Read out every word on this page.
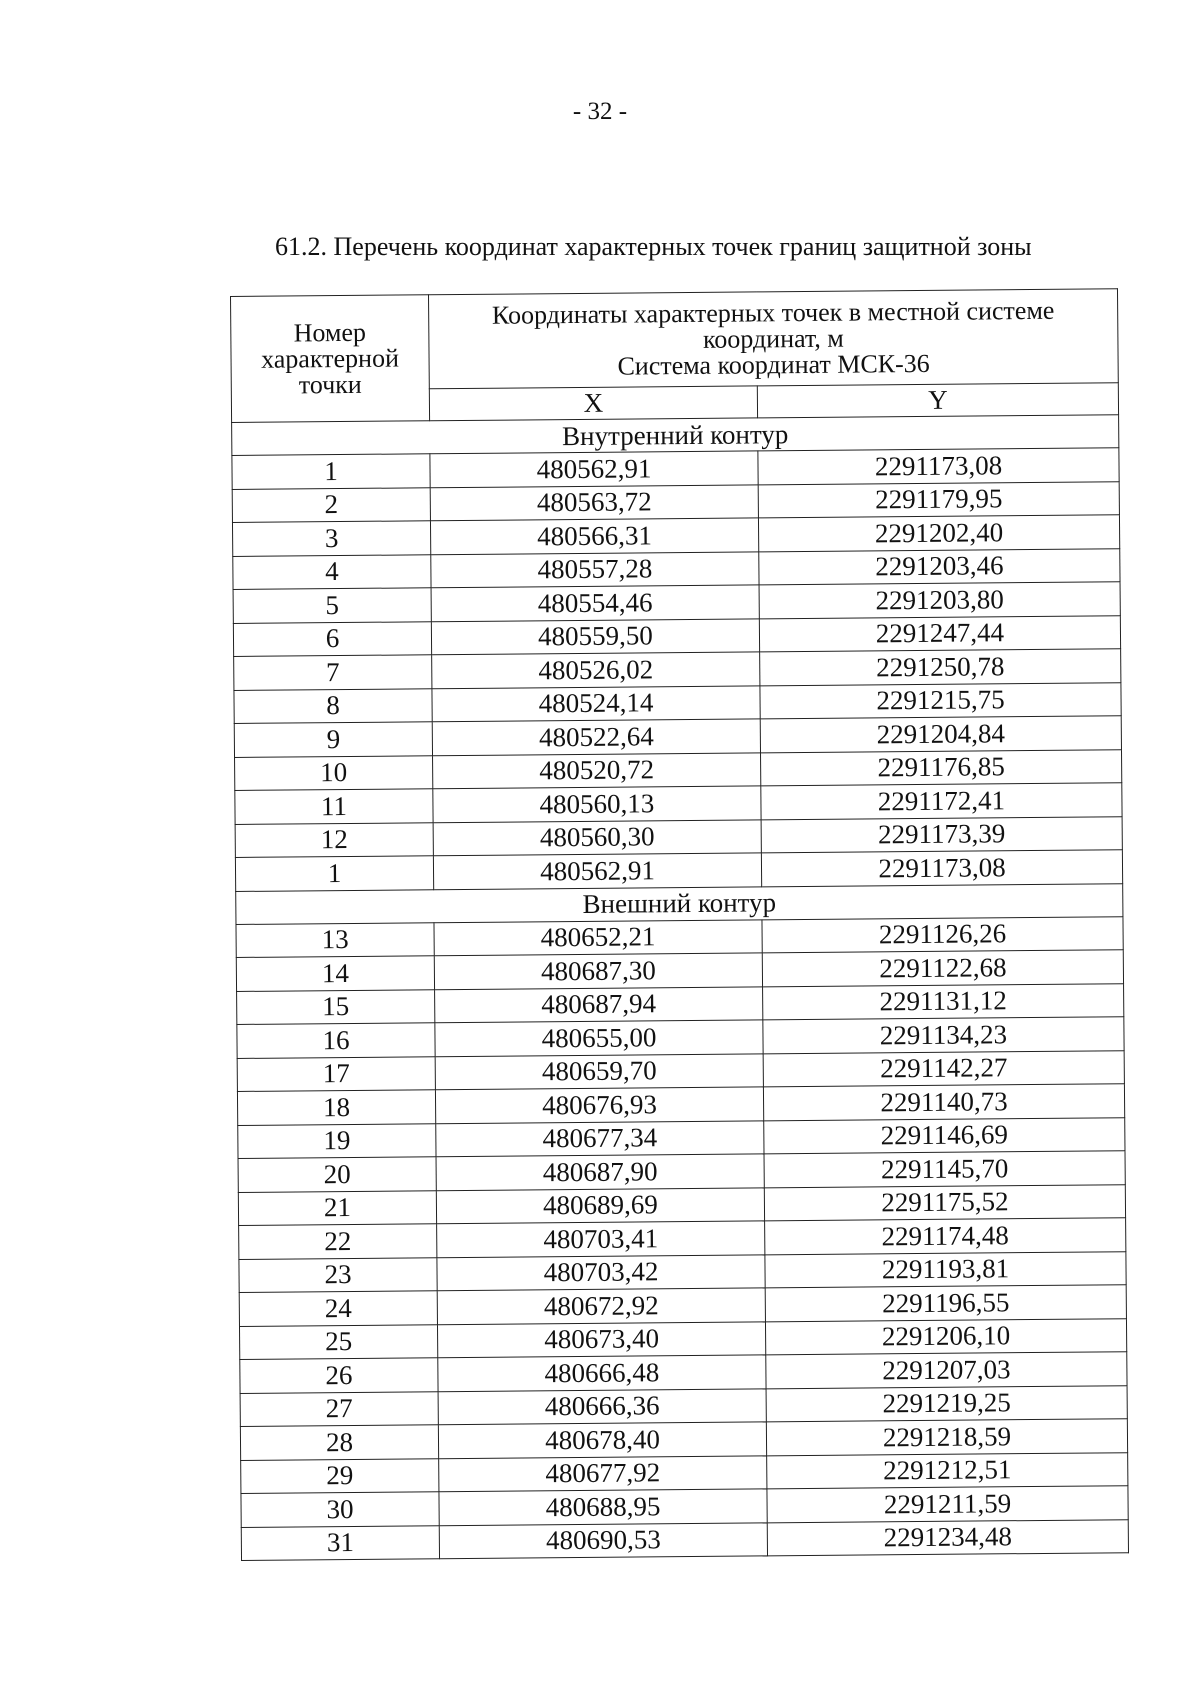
- 32 -
61.2. Перечень координат характерных точек границ защитной зоны
Номер характерной точки	Координаты характерных точек в местной системе
координат, м
Система координат МСК-36	
	X	Y
Внутренний контур		
1	480562,91	2291173,08
2	480563,72	2291179,95
3	480566,31	2291202,40
4	480557,28	2291203,46
5	480554,46	2291203,80
6	480559,50	2291247,44
7	480526,02	2291250,78
8	480524,14	2291215,75
9	480522,64	2291204,84
10	480520,72	2291176,85
11	480560,13	2291172,41
12	480560,30	2291173,39
1	480562,91	2291173,08
Внешний контур		
13	480652,21	2291126,26
14	480687,30	2291122,68
15	480687,94	2291131,12
16	480655,00	2291134,23
17	480659,70	2291142,27
18	480676,93	2291140,73
19	480677,34	2291146,69
20	480687,90	2291145,70
21	480689,69	2291175,52
22	480703,41	2291174,48
23	480703,42	2291193,81
24	480672,92	2291196,55
25	480673,40	2291206,10
26	480666,48	2291207,03
27	480666,36	2291219,25
28	480678,40	2291218,59
29	480677,92	2291212,51
30	480688,95	2291211,59
31	480690,53	2291234,48
